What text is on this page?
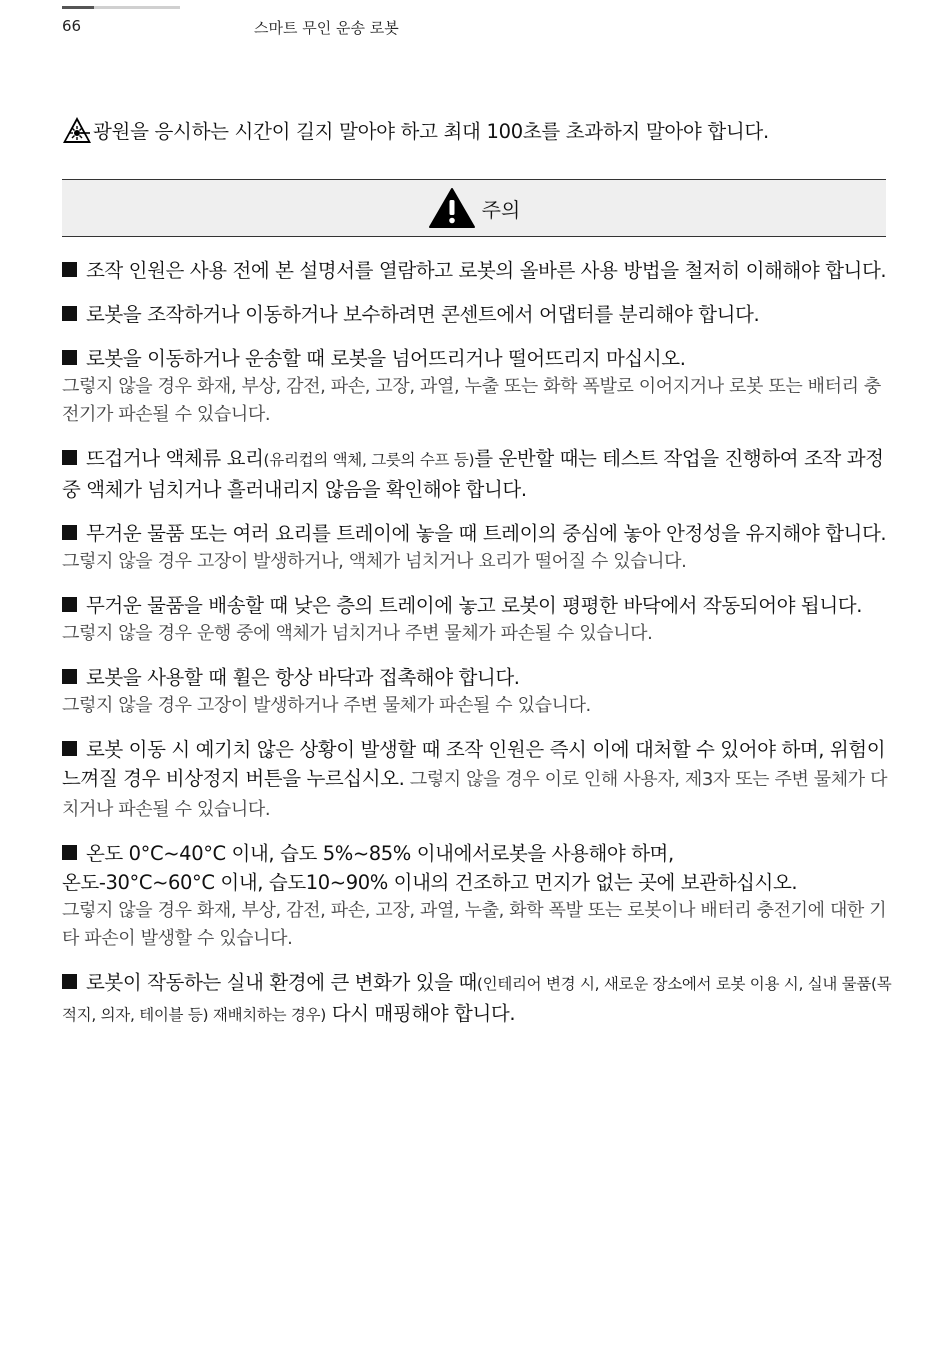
66	스마트 무인 운송 로봇
광원을 응시하는 시간이 길지 말아야 하고 최대 100초를 초과하지 말아야 합니다.
주의
조작 인원은 사용 전에 본 설명서를 열람하고 로봇의 올바른 사용 방법을 철저히 이해해야 합니다.
로봇을 조작하거나 이동하거나 보수하려면 콘센트에서 어댑터를 분리해야 합니다.
로봇을 이동하거나 운송할 때 로봇을 넘어뜨리거나 떨어뜨리지 마십시오.
그렇지 않을 경우 화재, 부상, 감전, 파손, 고장, 과열, 누출 또는 화학 폭발로 이어지거나 로봇 또는 배터리 충전기가 파손될 수 있습니다.
뜨겁거나 액체류 요리(유리컵의 액체, 그릇의 수프 등)를 운반할 때는 테스트 작업을 진행하여 조작 과정 중 액체가 넘치거나 흘러내리지 않음을 확인해야 합니다.
무거운 물품 또는 여러 요리를 트레이에 놓을 때 트레이의 중심에 놓아 안정성을 유지해야 합니다.
그렇지 않을 경우 고장이 발생하거나, 액체가 넘치거나 요리가 떨어질 수 있습니다.
무거운 물품을 배송할 때 낮은 층의 트레이에 놓고 로봇이 평평한 바닥에서 작동되어야 됩니다.
그렇지 않을 경우 운행 중에 액체가 넘치거나 주변 물체가 파손될 수 있습니다.
로봇을 사용할 때 휠은 항상 바닥과 접촉해야 합니다.
그렇지 않을 경우 고장이 발생하거나 주변 물체가 파손될 수 있습니다.
로봇 이동 시 예기치 않은 상황이 발생할 때 조작 인원은 즉시 이에 대처할 수 있어야 하며, 위험이 느껴질 경우 비상정지 버튼을 누르십시오. 그렇지 않을 경우 이로 인해 사용자, 제3자 또는 주변 물체가 다치거나 파손될 수 있습니다.
온도 0°C~40°C 이내, 습도 5%~85% 이내에서로봇을 사용해야 하며,
온도-30°C~60°C 이내, 습도10~90% 이내의 건조하고 먼지가 없는 곳에 보관하십시오.
그렇지 않을 경우 화재, 부상, 감전, 파손, 고장, 과열, 누출, 화학 폭발 또는 로봇이나 배터리 충전기에 대한 기타 파손이 발생할 수 있습니다.
로봇이 작동하는 실내 환경에 큰 변화가 있을 때(인테리어 변경 시, 새로운 장소에서 로봇 이용 시, 실내 물품(목적지, 의자, 테이블 등) 재배치하는 경우) 다시 매핑해야 합니다.
